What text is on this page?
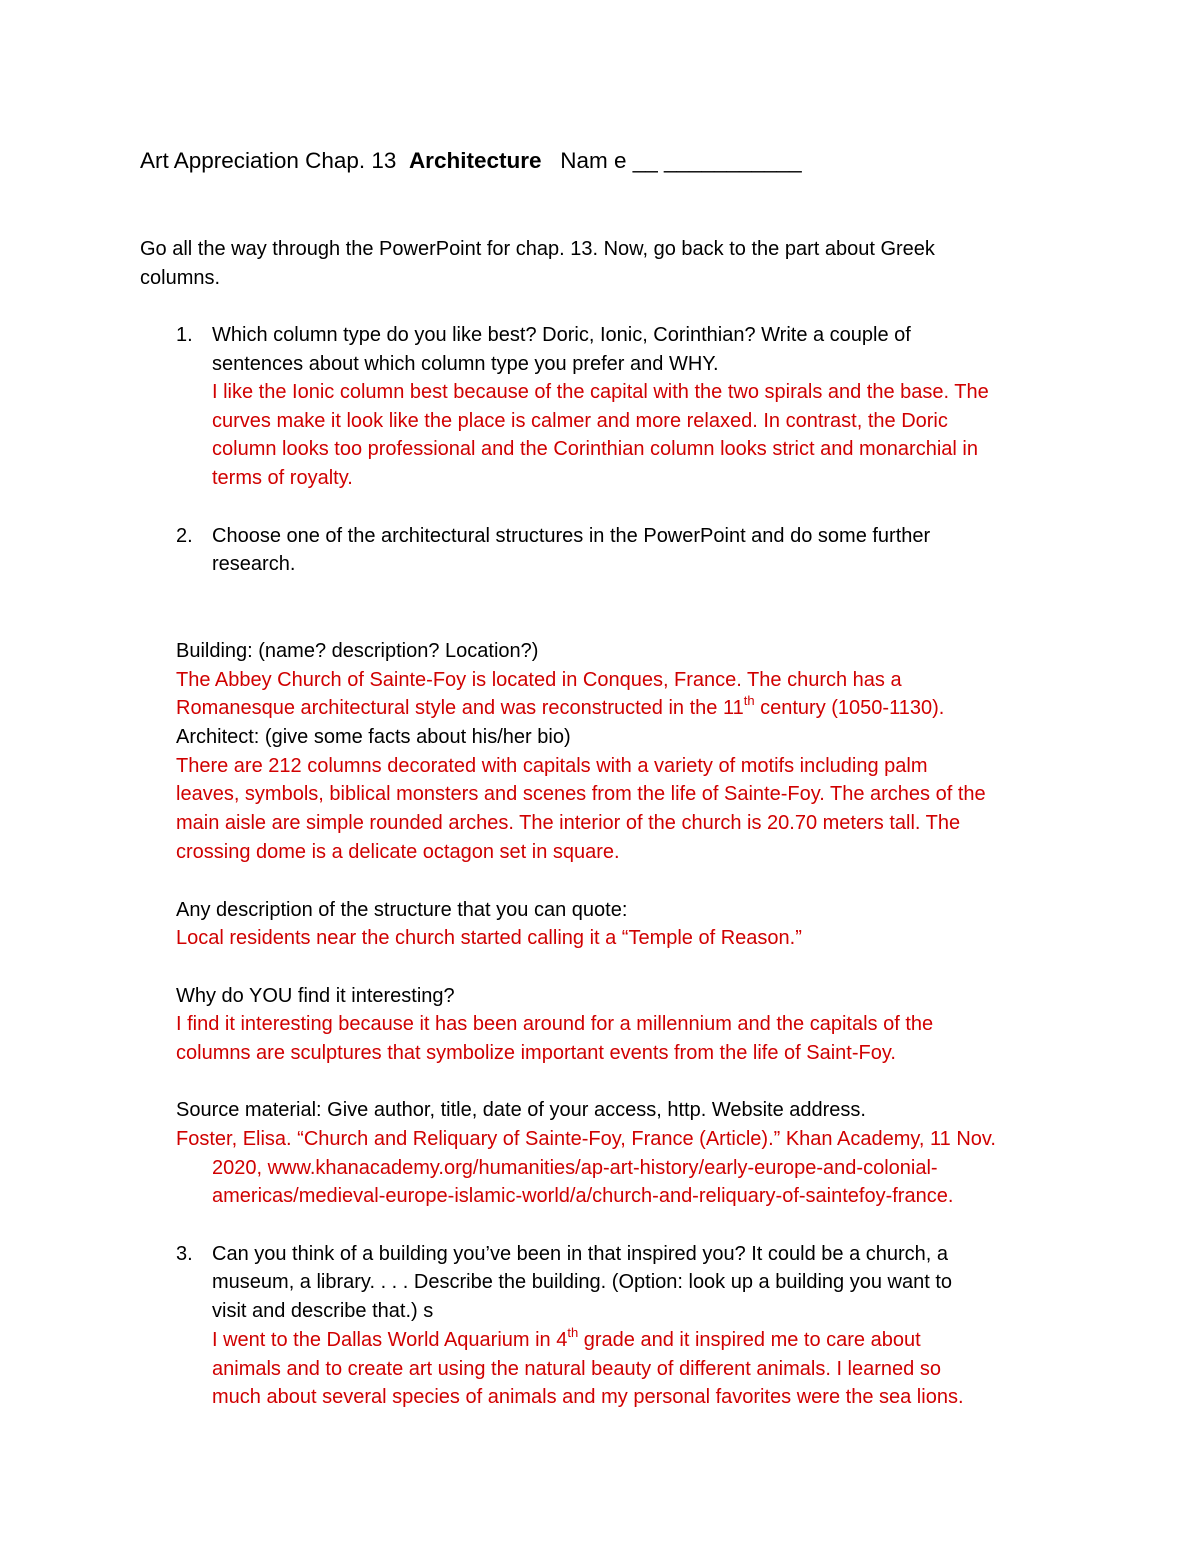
Art Appreciation Chap. 13 Architecture Nam e __ ___________
Go all the way through the PowerPoint for chap. 13. Now, go back to the part about Greek
columns.
1. Which column type do you like best? Doric, Ionic, Corinthian? Write a couple of
sentences about which column type you prefer and WHY.
I like the Ionic column best because of the capital with the two spirals and the base. The
curves make it look like the place is calmer and more relaxed. In contrast, the Doric
column looks too professional and the Corinthian column looks strict and monarchial in
terms of royalty.
2. Choose one of the architectural structures in the PowerPoint and do some further
research.
Building: (name? description? Location?)
The Abbey Church of Sainte-Foy is located in Conques, France. The church has a
Romanesque architectural style and was reconstructed in the 11th century (1050-1130).
Architect: (give some facts about his/her bio)
There are 212 columns decorated with capitals with a variety of motifs including palm
leaves, symbols, biblical monsters and scenes from the life of Sainte-Foy. The arches of the
main aisle are simple rounded arches. The interior of the church is 20.70 meters tall. The
crossing dome is a delicate octagon set in square.
Any description of the structure that you can quote:
Local residents near the church started calling it a “Temple of Reason.”
Why do YOU find it interesting?
I find it interesting because it has been around for a millennium and the capitals of the
columns are sculptures that symbolize important events from the life of Saint-Foy.
Source material: Give author, title, date of your access, http. Website address.
Foster, Elisa. “Church and Reliquary of Sainte-Foy, France (Article).” Khan Academy, 11 Nov.
2020, www.khanacademy.org/humanities/ap-art-history/early-europe-and-colonial-
americas/medieval-europe-islamic-world/a/church-and-reliquary-of-saintefoy-france.
3. Can you think of a building you’ve been in that inspired you? It could be a church, a
museum, a library. . . . Describe the building. (Option: look up a building you want to
visit and describe that.) s
I went to the Dallas World Aquarium in 4th grade and it inspired me to care about
animals and to create art using the natural beauty of different animals. I learned so
much about several species of animals and my personal favorites were the sea lions.
